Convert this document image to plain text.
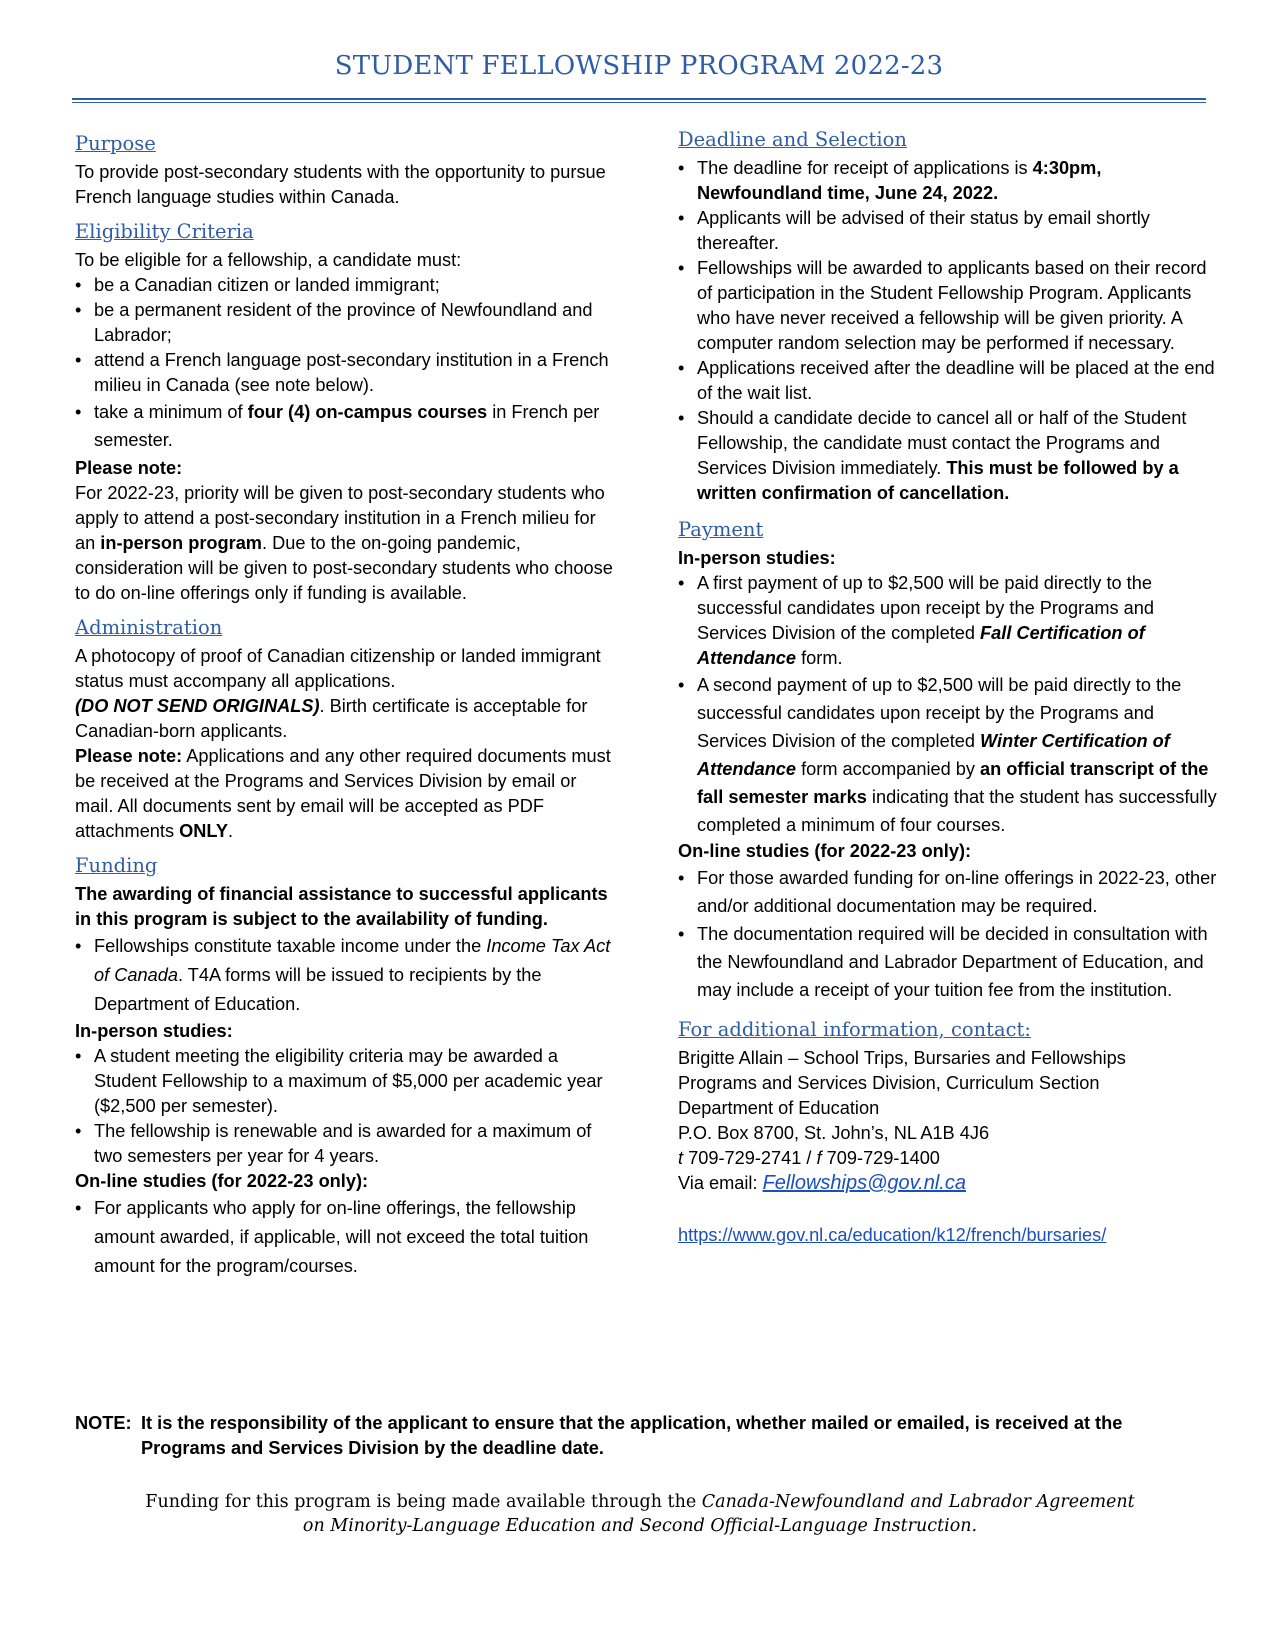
STUDENT FELLOWSHIP PROGRAM 2022-23
Purpose

To provide post-secondary students with the opportunity to pursue French language studies within Canada.

Eligibility Criteria

To be eligible for a fellowship, a candidate must:

• be a Canadian citizen or landed immigrant;
• be a permanent resident of the province of Newfoundland and Labrador;
• attend a French language post-secondary institution in a French milieu in Canada (see note below).
• take a minimum of four (4) on-campus courses in French per semester.

Please note:

For 2022-23, priority will be given to post-secondary students who apply to attend a post-secondary institution in a French milieu for an in-person program. Due to the on-going pandemic, consideration will be given to post-secondary students who choose to do on-line offerings only if funding is available.

Administration

A photocopy of proof of Canadian citizenship or landed immigrant status must accompany all applications.

(DO NOT SEND ORIGINALS). Birth certificate is acceptable for Canadian-born applicants.

Please note: Applications and any other required documents must be received at the Programs and Services Division by email or mail. All documents sent by email will be accepted as PDF attachments ONLY.

Funding

The awarding of financial assistance to successful applicants in this program is subject to the availability of funding.

• Fellowships constitute taxable income under the Income Tax Act of Canada. T4A forms will be issued to recipients by the Department of Education.

In-person studies:

• A student meeting the eligibility criteria may be awarded a Student Fellowship to a maximum of $5,000 per academic year ($2,500 per semester).
• The fellowship is renewable and is awarded for a maximum of two semesters per year for 4 years.

On-line studies (for 2022-23 only):

• For applicants who apply for on-line offerings, the fellowship amount awarded, if applicable, will not exceed the total tuition amount for the program/courses.
Deadline and Selection
• The deadline for receipt of applications is 4:30pm, Newfoundland time, June 24, 2022.
• Applicants will be advised of their status by email shortly thereafter.
• Fellowships will be awarded to applicants based on their record of participation in the Student Fellowship Program. Applicants who have never received a fellowship will be given priority. A computer random selection may be performed if necessary.
• Applications received after the deadline will be placed at the end of the wait list.
• Should a candidate decide to cancel all or half of the Student Fellowship, the candidate must contact the Programs and Services Division immediately. This must be followed by a written confirmation of cancellation.
Payment

In-person studies:

• A first payment of up to $2,500 will be paid directly to the successful candidates upon receipt by the Programs and Services Division of the completed Fall Certification of Attendance form.
• A second payment of up to $2,500 will be paid directly to the successful candidates upon receipt by the Programs and Services Division of the completed Winter Certification of Attendance form accompanied by an official transcript of the fall semester marks indicating that the student has successfully completed a minimum of four courses.

On-line studies (for 2022-23 only):

• For those awarded funding for on-line offerings in 2022-23, other and/or additional documentation may be required.
• The documentation required will be decided in consultation with the Newfoundland and Labrador Department of Education, and may include a receipt of your tuition fee from the institution.
For additional information, contact:

Brigitte Allain – School Trips, Bursaries and Fellowships

Programs and Services Division, Curriculum Section

Department of Education

P.O. Box 8700, St. John’s, NL A1B 4J6

t 709-729-2741 / f 709-729-1400

Via email: Fellowships@gov.nl.ca

https://www.gov.nl.ca/education/k12/french/bursaries/

NOTE: It is the responsibility of the applicant to ensure that the application, whether mailed or emailed, is received at the Programs and Services Division by the deadline date.
Funding for this program is being made available through the Canada-Newfoundland and Labrador Agreement
on Minority-Language Education and Second Official-Language Instruction.
